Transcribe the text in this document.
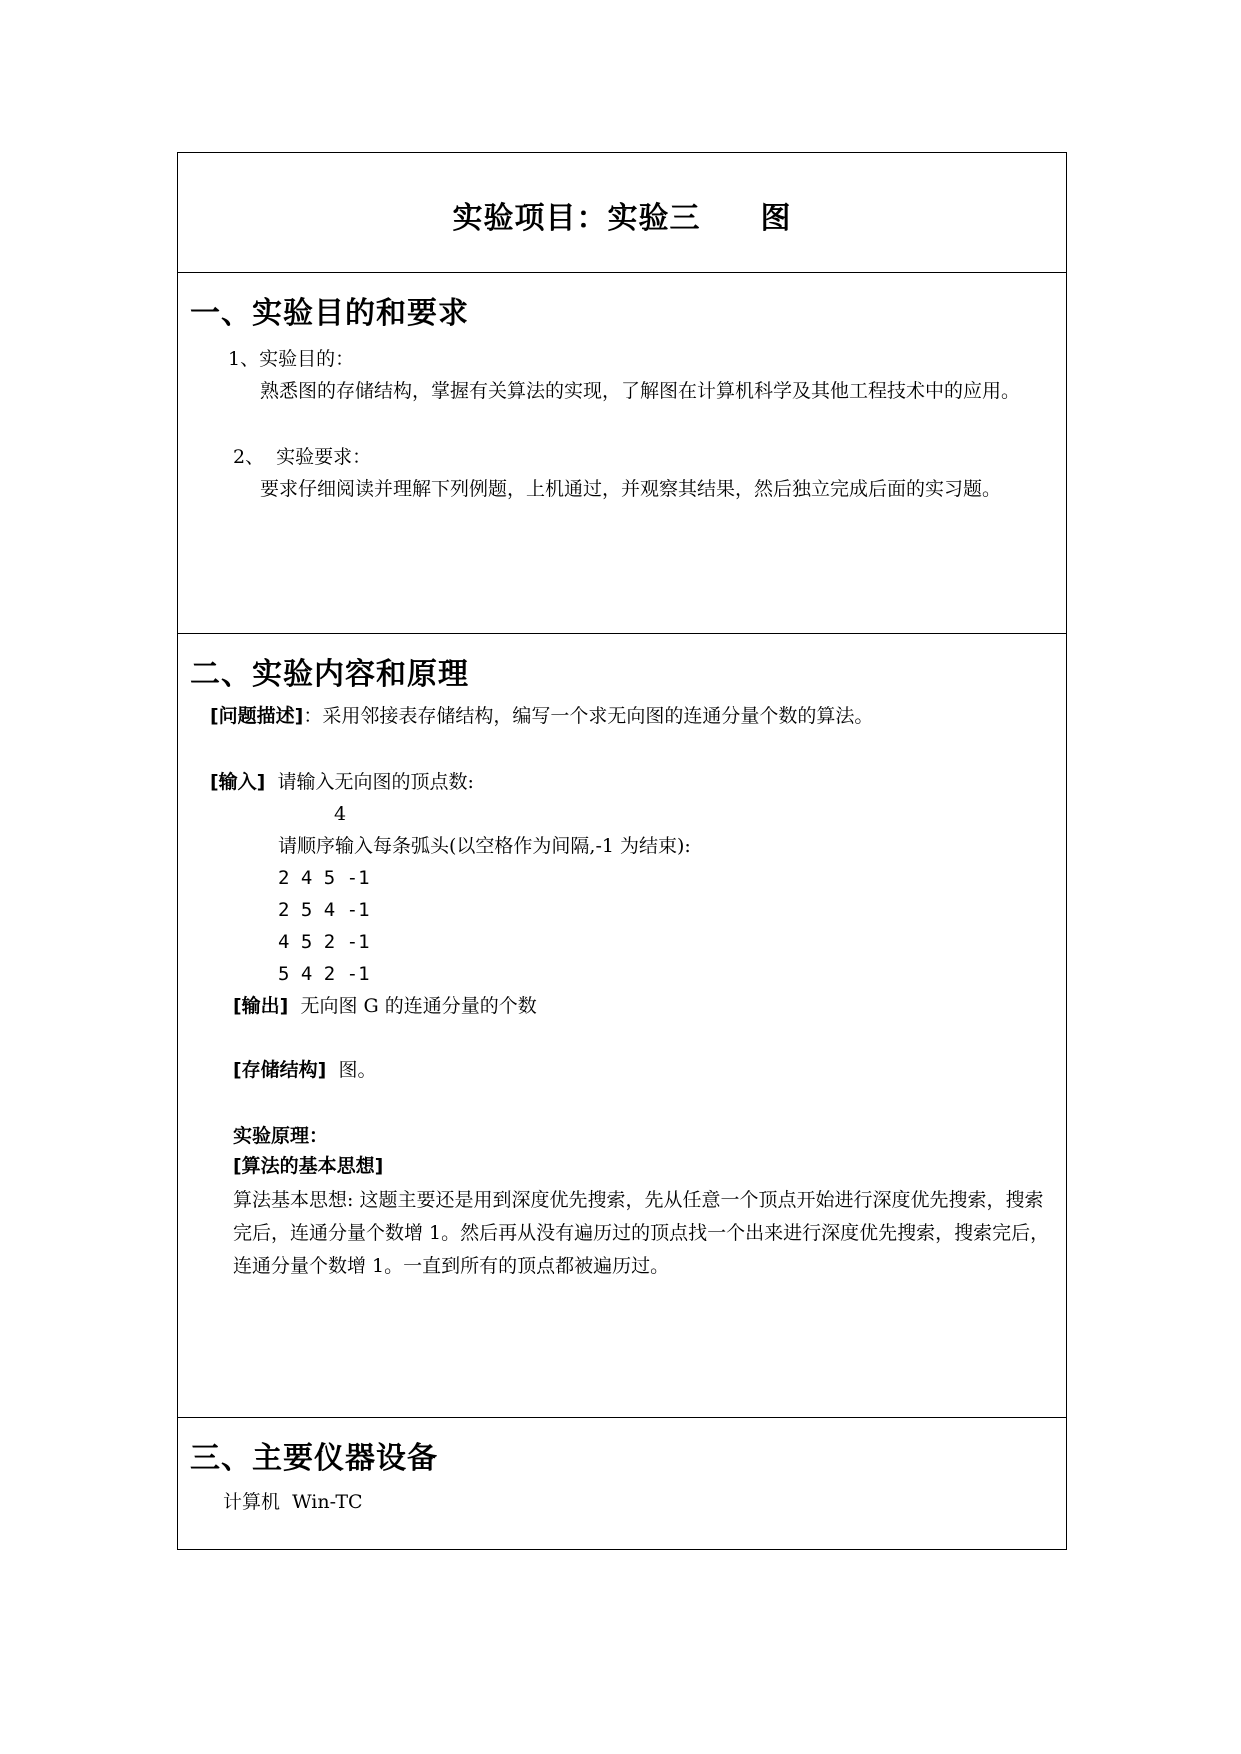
实验项目：实验三 图
一、实验目的和要求
1、实验目的：
熟悉图的存储结构，掌握有关算法的实现，了解图在计算机科学及其他工程技术中的应用。
2、  实验要求：
要求仔细阅读并理解下列例题，上机通过，并观察其结果，然后独立完成后面的实习题。
二、实验内容和原理
[问题描述]：采用邻接表存储结构，编写一个求无向图的连通分量个数的算法。
[输入] 请输入无向图的顶点数:
4
请顺序输入每条弧头(以空格作为间隔,-1 为结束):
2 4 5 -1
2 5 4 -1
4 5 2 -1
5 4 2 -1
[输出] 无向图 G 的连通分量的个数
[存储结构] 图。
实验原理：
[算法的基本思想]
算法基本思想: 这题主要还是用到深度优先搜索，先从任意一个顶点开始进行深度优先搜索，搜索完后，连通分量个数增 1。然后再从没有遍历过的顶点找一个出来进行深度优先搜索，搜索完后，连通分量个数增 1。一直到所有的顶点都被遍历过。
三、主要仪器设备
计算机  Win-TC
